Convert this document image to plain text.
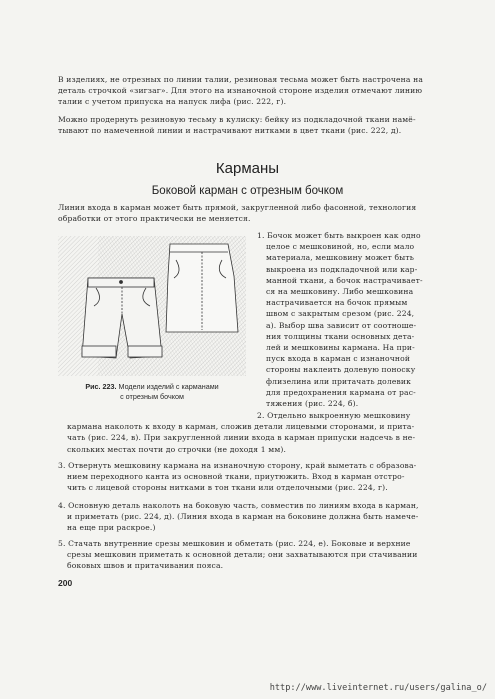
В изделиях, не отрезных по линии талии, резиновая тесьма может быть настрочена на

деталь строчкой «зигзаг». Для этого на изнаночной стороне изделия отмечают линию

талии с учетом припуска на напуск лифа (рис. 222, г).

Можно продернуть резиновую тесьму в кулиску: бейку из подкладочной ткани намё-

тывают по намеченной линии и настрачивают нитками в цвет ткани (рис. 222, д).

Карманы
Боковой карман с отрезным бочком

Линия входа в карман может быть прямой, закругленной либо фасонной, технология

обработки от этого практически не меняется.

Рис. 223. Модели изделий с карманами
с отрезным бочком

1. Бочок может быть выкроен как одно

целое с мешковиной, но, если мало

материала, мешковину может быть

выкроена из подкладочной или кар-

манной ткани, а бочок настрачивает-

ся на мешковину. Либо мешковина

настрачивается на бочок прямым

швом с закрытым срезом (рис. 224,

а). Выбор шва зависит от соотноше-

ния толщины ткани основных дета-

лей и мешковины кармана. На при-

пуск входа в карман с изнаночной

стороны наклеить долевую поноску

флизелина или притачать долевик

для предохранения кармана от рас-

тяжения (рис. 224, б).

2. Отдельно выкроенную мешковину

кармана наколоть к входу в карман, сложив детали лицевыми сторонами, и прита-

чать (рис. 224, в). При закругленной линии входа в карман припуски надсечь в не-

скольких местах почти до строчки (не доходя 1 мм).

3. Отвернуть мешковину кармана на изнаночную сторону, край выметать с образова-

нием переходного канта из основной ткани, приутюжить. Вход в карман отстро-

чить с лицевой стороны нитками в тон ткани или отделочными (рис. 224, г).

4. Основную деталь наколоть на боковую часть, совместив по линиям входа в карман,

и приметать (рис. 224, д). (Линия входа в карман на боковине должна быть намече-

на еще при раскрое.)

5. Стачать внутренние срезы мешковин и обметать (рис. 224, е). Боковые и верхние

срезы мешковин приметать к основной детали; они захватываются при стачивании

боковых швов и притачивания пояса.

200
http://www.liveinternet.ru/users/galina_o/
